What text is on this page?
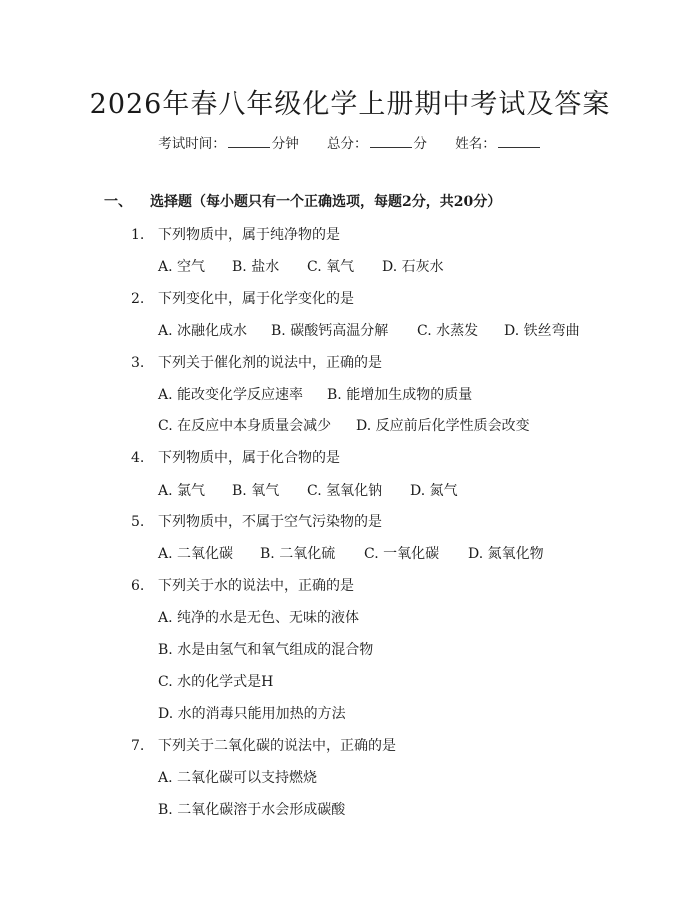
2026年春八年级化学上册期中考试及答案
考试时间：	分钟 总分：	分 姓名：
一、 选择题（每小题只有一个正确选项，每题2分，共20分）
1. 下列物质中，属于纯净物的是
A. 空气 B. 盐水 C. 氧气 D. 石灰水
2. 下列变化中，属于化学变化的是
A. 冰融化成水 B. 碳酸钙高温分解 C. 水蒸发 D. 铁丝弯曲
3. 下列关于催化剂的说法中，正确的是
A. 能改变化学反应速率 B. 能增加生成物的质量
C. 在反应中本身质量会减少 D. 反应前后化学性质会改变
4. 下列物质中，属于化合物的是
A. 氯气 B. 氧气 C. 氢氧化钠 D. 氮气
5. 下列物质中，不属于空气污染物的是
A. 二氧化碳 B. 二氧化硫 C. 一氧化碳 D. 氮氧化物
6. 下列关于水的说法中，正确的是
A. 纯净的水是无色、无味的液体
B. 水是由氢气和氧气组成的混合物
C. 水的化学式是H
D. 水的消毒只能用加热的方法
7. 下列关于二氧化碳的说法中，正确的是
A. 二氧化碳可以支持燃烧
B. 二氧化碳溶于水会形成碳酸
